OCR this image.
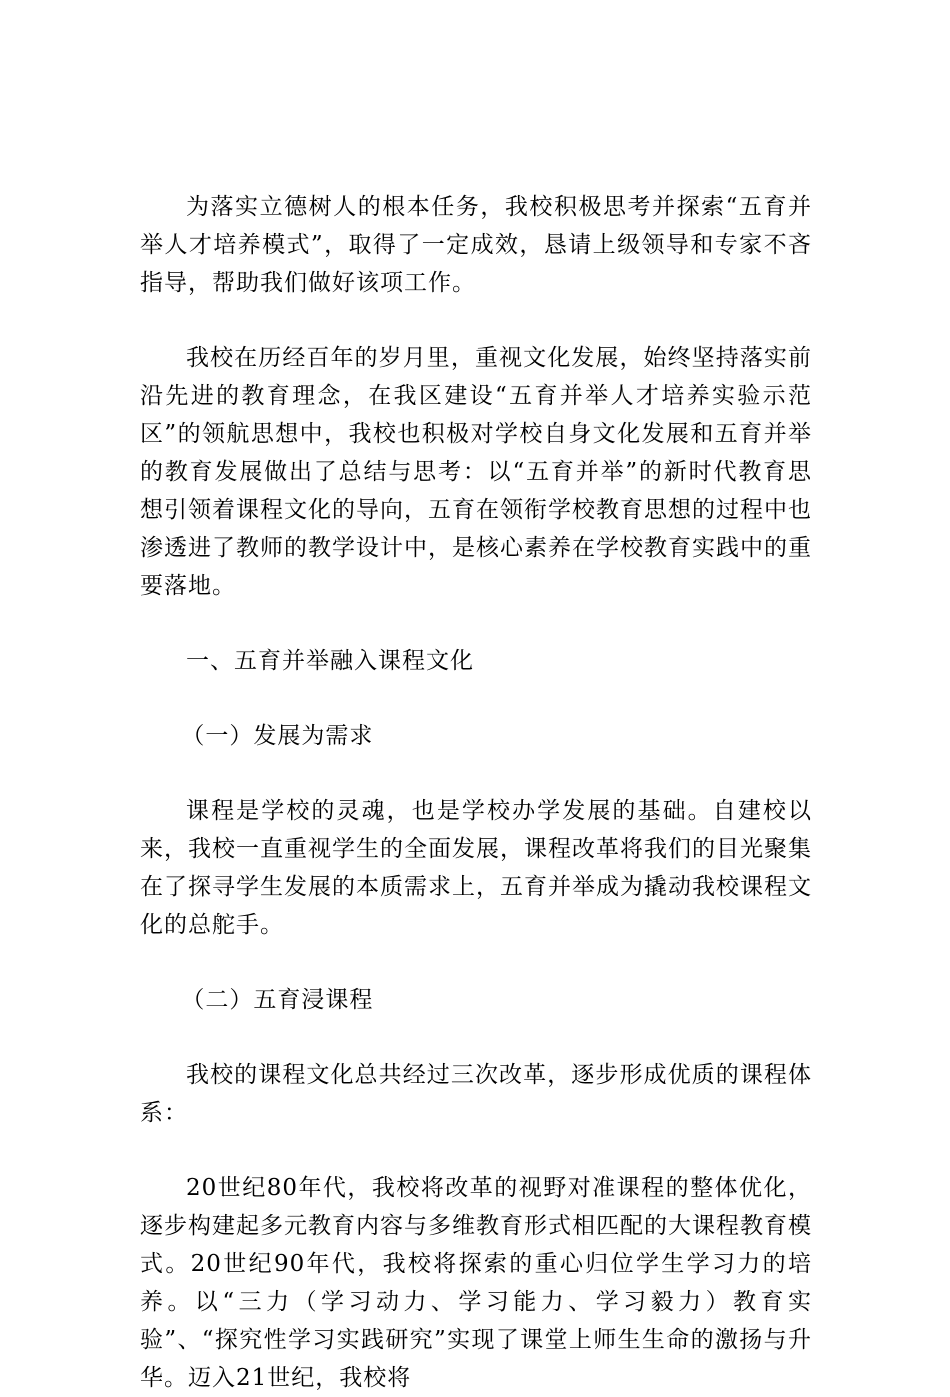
为落实立德树人的根本任务，我校积极思考并探索“五育并举人才培养模式”，取得了一定成效，恳请上级领导和专家不吝指导，帮助我们做好该项工作。

我校在历经百年的岁月里，重视文化发展，始终坚持落实前沿先进的教育理念，在我区建设“五育并举人才培养实验示范区”的领航思想中，我校也积极对学校自身文化发展和五育并举的教育发展做出了总结与思考：以“五育并举”的新时代教育思想引领着课程文化的导向，五育在领衔学校教育思想的过程中也渗透进了教师的教学设计中，是核心素养在学校教育实践中的重要落地。

一、五育并举融入课程文化

（一）发展为需求

课程是学校的灵魂，也是学校办学发展的基础。自建校以来，我校一直重视学生的全面发展，课程改革将我们的目光聚集在了探寻学生发展的本质需求上，五育并举成为撬动我校课程文化的总舵手。

（二）五育浸课程

我校的课程文化总共经过三次改革，逐步形成优质的课程体系：

20世纪80年代，我校将改革的视野对准课程的整体优化，逐步构建起多元教育内容与多维教育形式相匹配的大课程教育模式。20世纪90年代，我校将探索的重心归位学生学习力的培养。以“三力（学习动力、学习能力、学习毅力）教育实验”、“探究性学习实践研究”实现了课堂上师生生命的激扬与升华。迈入21世纪，我校将
